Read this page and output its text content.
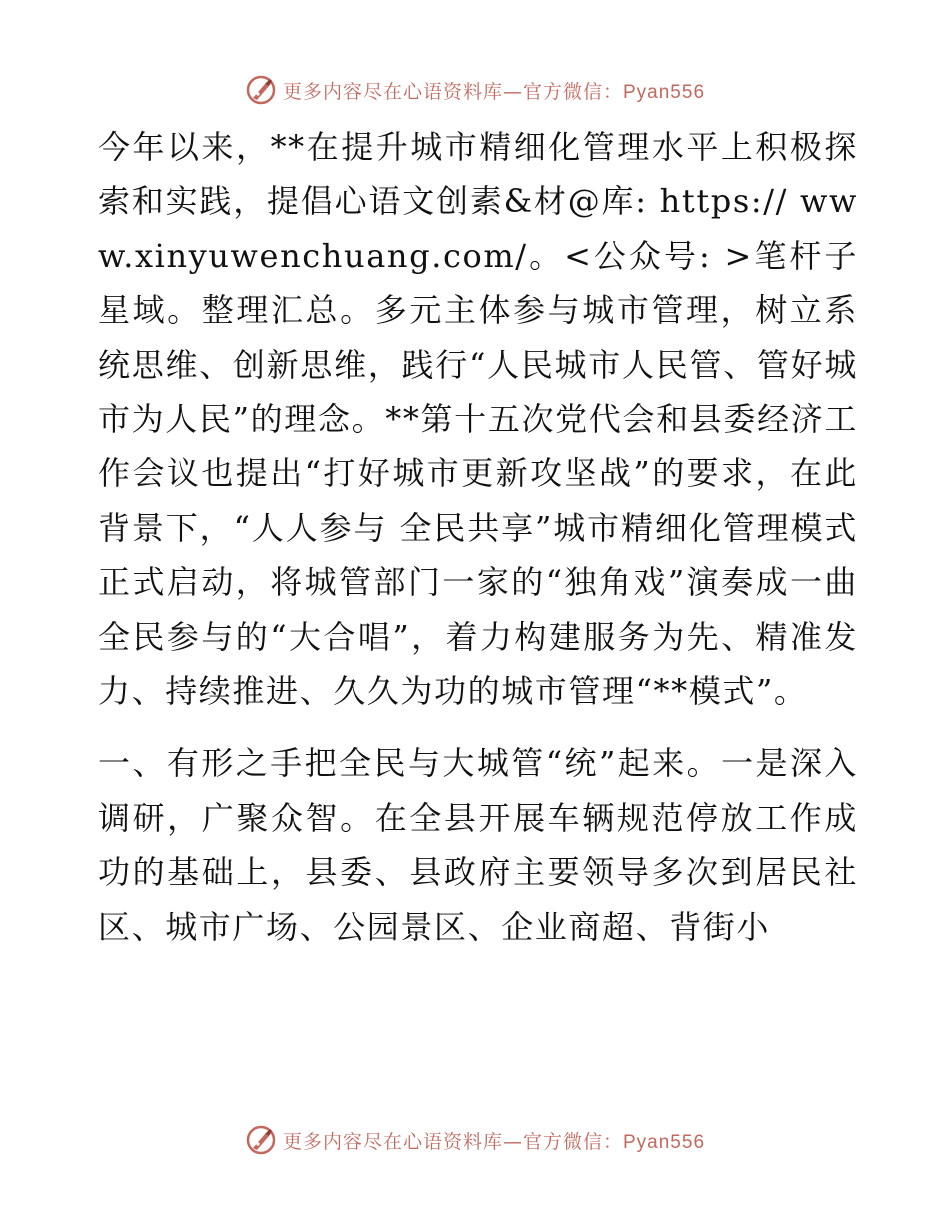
更多内容尽在心语资料库—官方微信：Pyan556

今年以来，**在提升城市精细化管理水平上积极探索和实践，提倡心语文创素&材@库: https:// www.xinyuwenchuang.com/。<公众号: >笔杆子星域。整理汇总。多元主体参与城市管理，树立系统思维、创新思维，践行“人民城市人民管、管好城市为人民”的理念。**第十五次党代会和县委经济工作会议也提出“打好城市更新攻坚战”的要求，在此背景下，“人人参与 全民共享”城市精细化管理模式正式启动，将城管部门一家的“独角戏”演奏成一曲全民参与的“大合唱”，着力构建服务为先、精准发力、持续推进、久久为功的城市管理“**模式”。

一、有形之手把全民与大城管“统”起来。一是深入调研，广聚众智。在全县开展车辆规范停放工作成功的基础上，县委、县政府主要领导多次到居民社区、城市广场、公园景区、企业商超、背街小

更多内容尽在心语资料库—官方微信：Pyan556
